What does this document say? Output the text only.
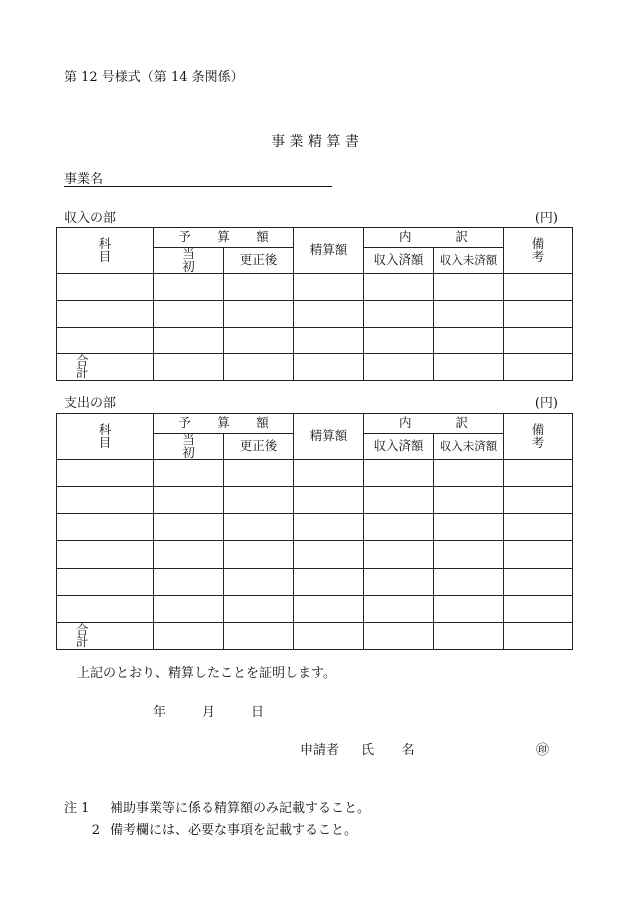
第 12 号様式（第 14 条関係）
事 業 精 算 書
事業名
収入の部	(円)
科 目	予 算 額		精算額	内 訳		備 考
	当 初	更正後		収入済額	収入未済額	

合 計						
支出の部	(円)
科 目	予 算 額		精算額	内 訳		備 考
	当 初	更正後		収入済額	収入未済額	

合 計						
上記のとおり、精算したことを証明します。
年	月	日
申請者 氏 名	㊞
注 1 補助事業等に係る精算額のみ記載すること。
2 備考欄には、必要な事項を記載すること。
